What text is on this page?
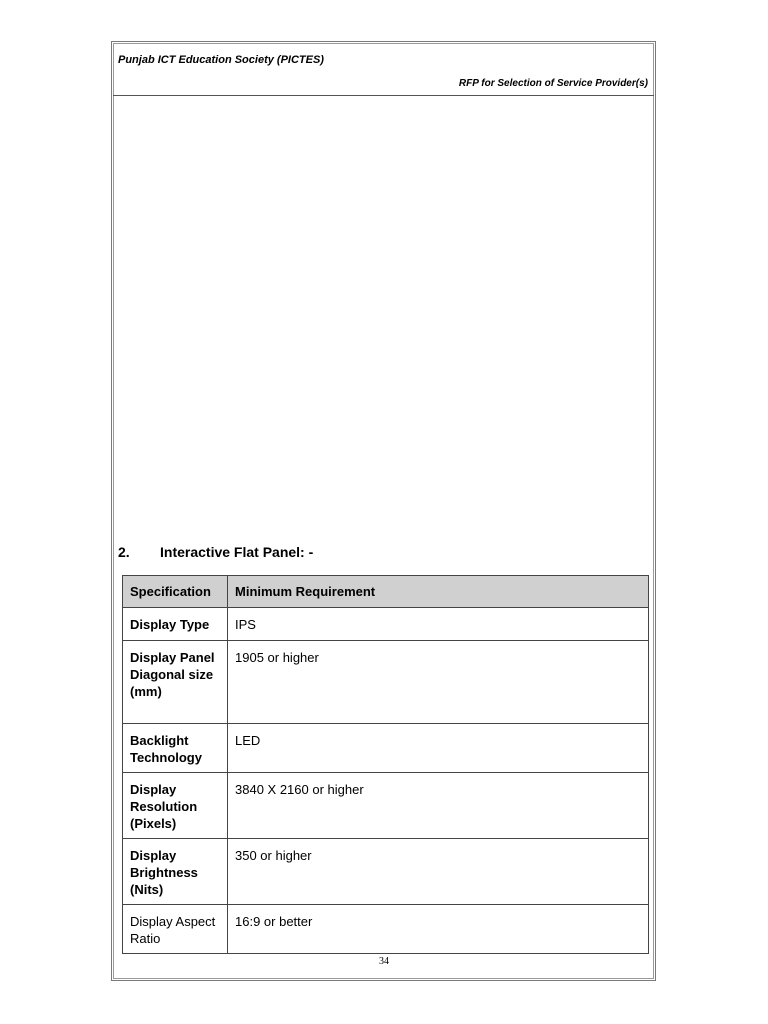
Punjab ICT Education Society (PICTES)
RFP for Selection of Service Provider(s)
2. Interactive Flat Panel: -
Specification	Minimum Requirement
Display Type	IPS
Display Panel Diagonal size (mm)	1905 or higher
Backlight Technology	LED
Display Resolution (Pixels)	3840 X 2160 or higher
Display Brightness (Nits)	350 or higher
Display Aspect Ratio	16:9 or better
34
